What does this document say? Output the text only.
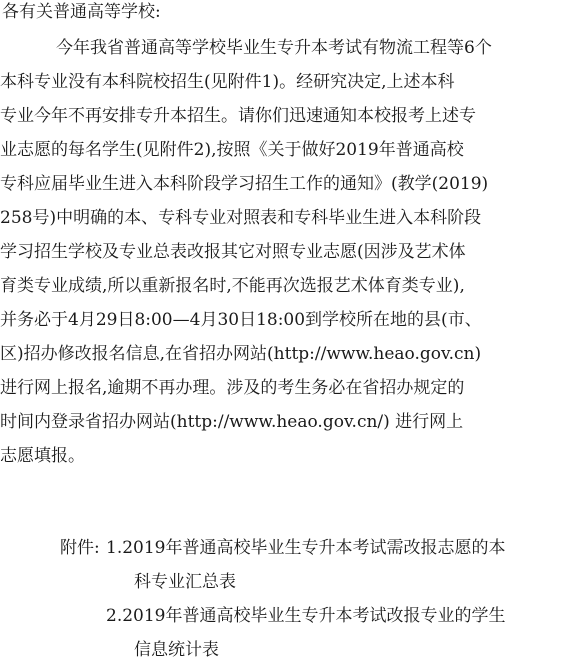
各有关普通高等学校:
今年我省普通高等学校毕业生专升本考试有物流工程等6个
本科专业没有本科院校招生(见附件1)。经研究决定,上述本科
专业今年不再安排专升本招生。请你们迅速通知本校报考上述专
业志愿的每名学生(见附件2),按照《关于做好2019年普通高校
专科应届毕业生进入本科阶段学习招生工作的通知》(教学(2019)
258号)中明确的本、专科专业对照表和专科毕业生进入本科阶段
学习招生学校及专业总表改报其它对照专业志愿(因涉及艺术体
育类专业成绩,所以重新报名时,不能再次选报艺术体育类专业),
并务必于4月29日8:00—4月30日18:00到学校所在地的县(市、
区)招办修改报名信息,在省招办网站(http://www.heao.gov.cn)
进行网上报名,逾期不再办理。涉及的考生务必在省招办规定的
时间内登录省招办网站(http://www.heao.gov.cn/) 进行网上
志愿填报。
附件: 1.2019年普通高校毕业生专升本考试需改报志愿的本
科专业汇总表
2.2019年普通高校毕业生专升本考试改报专业的学生
信息统计表
